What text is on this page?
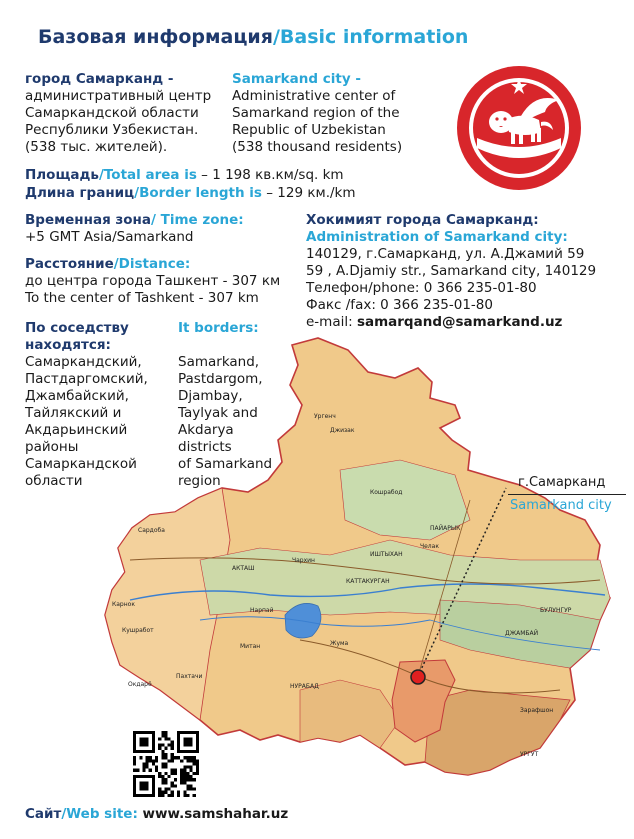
Базовая информация/Basic information
город Самарканд -
административный центр
Самаркандской области
Республики Узбекистан.
(538 тыс. жителей).
Samarkand city -
Administrative center of
Samarkand region of the
Republic of Uzbekistan
(538 thousand residents)
Площадь/Total area is – 1 198 кв.км/sq. km
Длина границ/Border length is – 129 км./km
Временная зона/ Time zone:
+5 GMT Asia/Samarkand
Расстояние/Distance:
до центра города Ташкент - 307 км
To the center of Tashkent - 307 km
Хокимият города Самарканд:
Administration of Samarkand city:
140129, г.Самарканд, ул. А.Джамий 59
59 , A.Djamiy str., Samarkand city, 140129
Телефон/phone: 0 366 235-01-80
Факс /fax: 0 366 235-01-80
e-mail: samarqand@samarkand.uz
Сардоба
Карнок
Кушработ
Окдарё
Пахтачи
Нарпай
АКТАШ
Чархин
КАТТАКУРГАН
ИШТЫХАН
Джизак
Ургенч
Кошрабод
Челак
ПАЙАРЫК
ДЖАМБАЙ
БУЛУНГУР
НУРАБАД
УРГУТ
Митан	Жума
Зарафшон
По соседству
находятся:
Самаркандский,
Пастдаргомский,
Джамбайский,
Тайлякский и
Акдарьинский
районы
Самаркандской
области
It borders:
Samarkand,
Pastdargom,
Djambay,
Taylyak and
Akdarya
districts
of Samarkand
region	г.Самарканд
Samarkand city
Сайт/Web site: www.samshahar.uz
